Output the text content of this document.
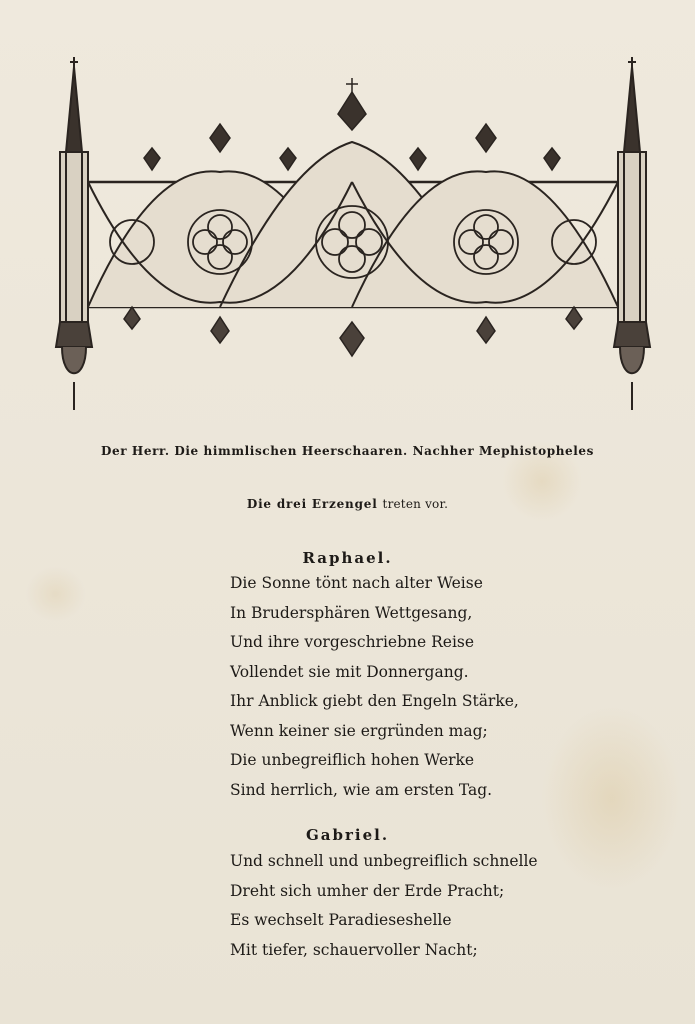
Der Herr. Die himmlischen Heerschaaren. Nachher Mephistopheles
Die drei Erzengel treten vor.
Raphael.
Die Sonne tönt nach alter Weise
In Brudersphären Wettgesang,
Und ihre vorgeschriebne Reise
Vollendet sie mit Donnergang.
Ihr Anblick giebt den Engeln Stärke,
Wenn keiner sie ergründen mag;
Die unbegreiflich hohen Werke
Sind herrlich, wie am ersten Tag.
Gabriel.
Und schnell und unbegreiflich schnelle
Dreht sich umher der Erde Pracht;
Es wechselt Paradieseshelle
Mit tiefer, schauervoller Nacht;
